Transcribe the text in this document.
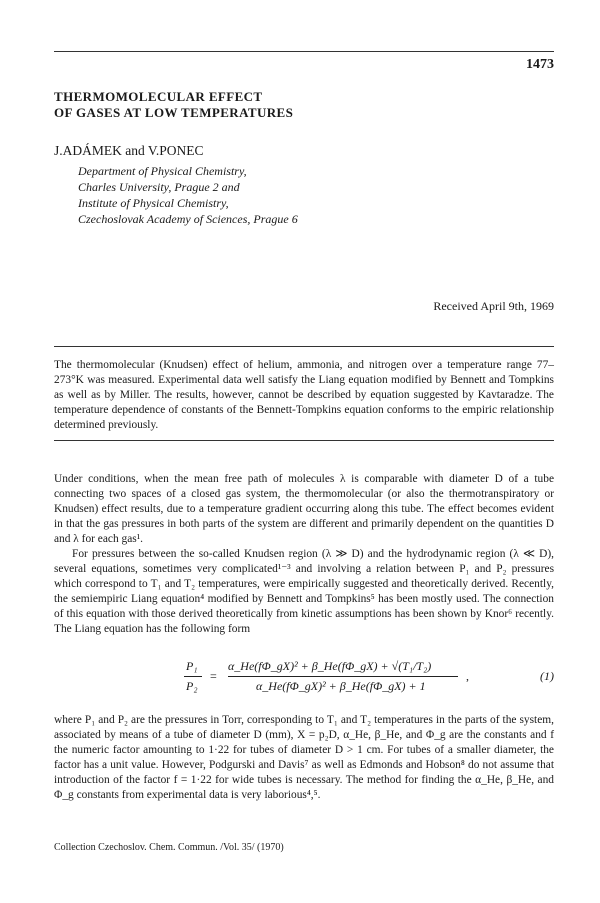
1473
THERMOMOLECULAR EFFECT
OF GASES AT LOW TEMPERATURES
J.ADÁMEK and V.PONEC
Department of Physical Chemistry,
Charles University, Prague 2 and
Institute of Physical Chemistry,
Czechoslovak Academy of Sciences, Prague 6
Received April 9th, 1969
The thermomolecular (Knudsen) effect of helium, ammonia, and nitrogen over a temperature range 77–273°K was measured. Experimental data well satisfy the Liang equation modified by Bennett and Tompkins as well as by Miller. The results, however, cannot be described by equation suggested by Kavtaradze. The temperature dependence of constants of the Bennett-Tompkins equation conforms to the empiric relationship determined previously.

Under conditions, when the mean free path of molecules λ is comparable with diameter D of a tube connecting two spaces of a closed gas system, the thermomolecular (or also the thermotranspiratory or Knudsen) effect results, due to a temperature gradient occurring along this tube. The effect becomes evident in that the gas pressures in both parts of the system are different and primarily dependent on the quantities D and λ for each gas¹.

For pressures between the so-called Knudsen region (λ ≫ D) and the hydrodynamic region (λ ≪ D), several equations, sometimes very complicated¹⁻³ and involving a relation between P₁ and P₂ pressures which correspond to T₁ and T₂ temperatures, were empirically suggested and theoretically derived. Recently, the semiempiric Liang equation⁴ modified by Bennett and Tompkins⁵ has been mostly used. The connection of this equation with those derived theoretically from kinetic assumptions has been shown by Knor⁶ recently. The Liang equation has the following form

P₁
P₂
=
α_He(fΦ_gX)² + β_He(fΦ_gX) + √(T₁/T₂)
α_He(fΦ_gX)² + β_He(fΦ_gX) + 1
,	(1)

where P₁ and P₂ are the pressures in Torr, corresponding to T₁ and T₂ temperatures in the parts of the system, associated by means of a tube of diameter D (mm), X = p₂D, α_He, β_He, and Φ_g are the constants and f the numeric factor amounting to 1·22 for tubes of diameter D > 1 cm. For tubes of a smaller diameter, the factor has a unit value. However, Podgurski and Davis⁷ as well as Edmonds and Hobson⁸ do not assume that introduction of the factor f = 1·22 for wide tubes is necessary. The method for finding the α_He, β_He, and Φ_g constants from experimental data is very laborious⁴,⁵.

Collection Czechoslov. Chem. Commun. /Vol. 35/ (1970)
